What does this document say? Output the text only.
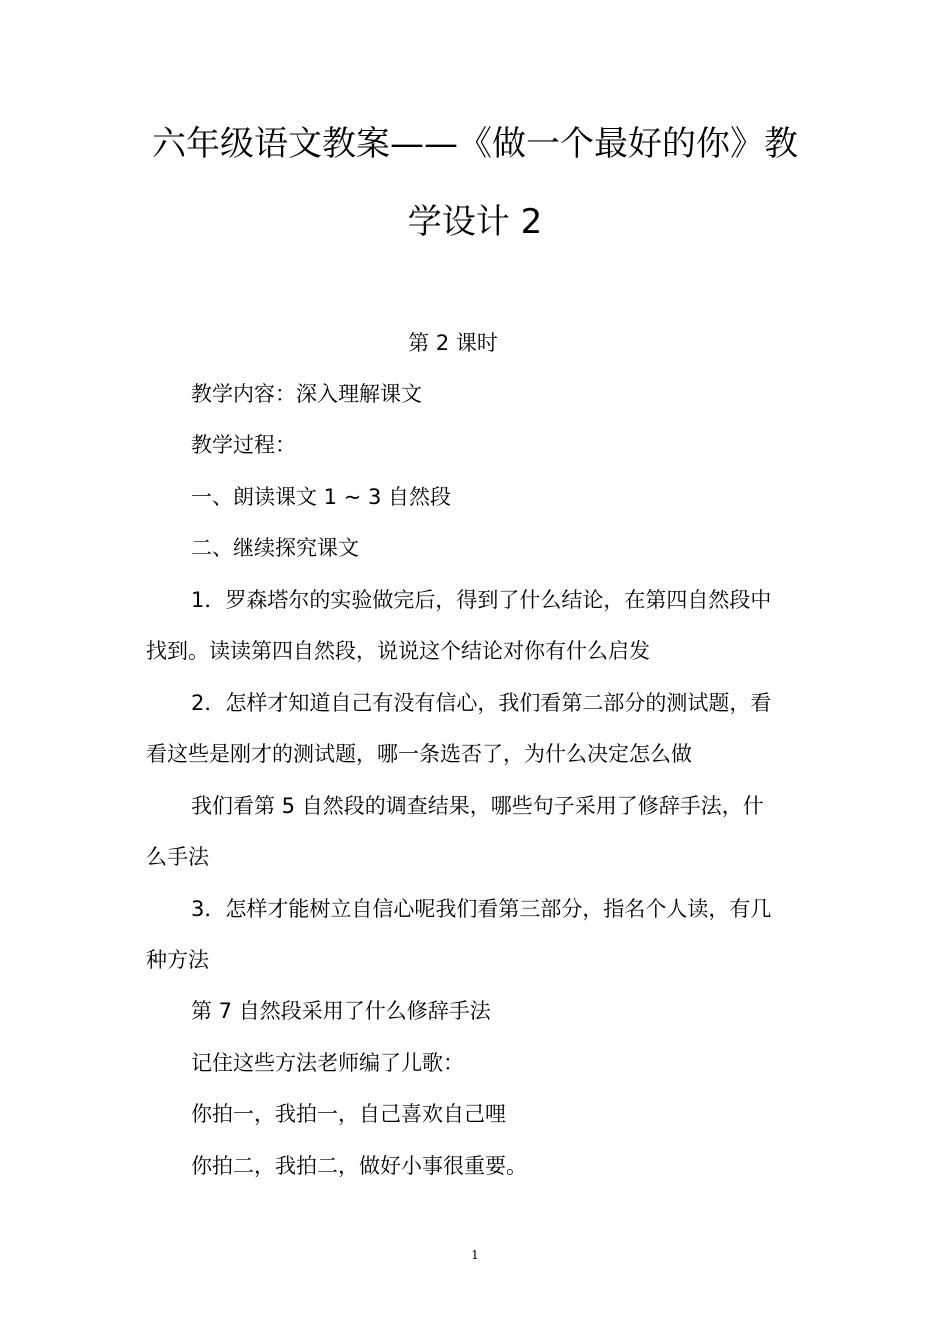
六年级语文教案——《做一个最好的你》教
学设计 2
第 2 课时

教学内容：深入理解课文

教学过程：

一、朗读课文 1 ~ 3 自然段

二、继续探究课文

1．罗森塔尔的实验做完后，得到了什么结论，在第四自然段中

找到。读读第四自然段，说说这个结论对你有什么启发

2．怎样才知道自己有没有信心，我们看第二部分的测试题，看

看这些是刚才的测试题，哪一条选否了，为什么决定怎么做

我们看第 5 自然段的调查结果，哪些句子采用了修辞手法，什

么手法

3．怎样才能树立自信心呢我们看第三部分，指名个人读，有几

种方法

第 7 自然段采用了什么修辞手法

记住这些方法老师编了儿歌：

你拍一，我拍一，自己喜欢自己哩

你拍二，我拍二，做好小事很重要。

1
